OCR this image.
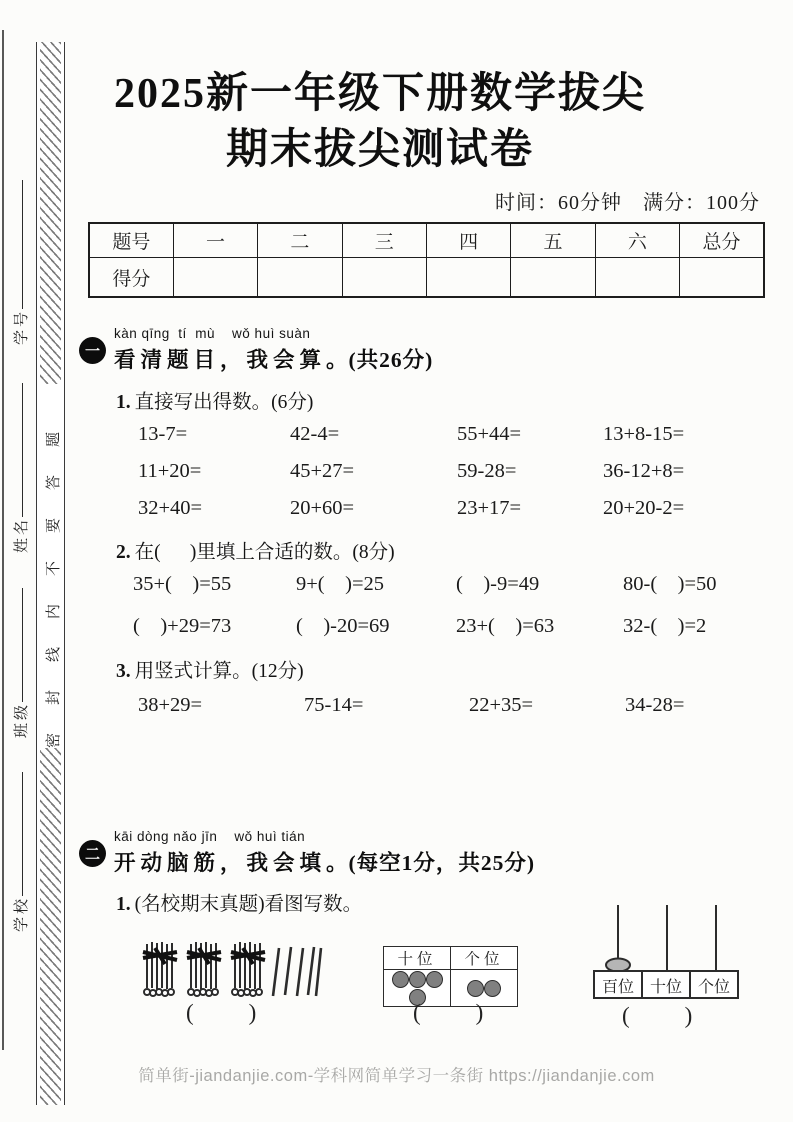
学号
姓名
班级
学校
密封线内不要答题
2025新一年级下册数学拔尖
期末拔尖测试卷
时间：60分钟　满分：100分
题号	一	二	三	四	五	六	总分
得分							
一
kàn qīng  tí  mù    wǒ huì suàn
看清题目，我会算。(共26分)
1. 直接写出得数。(6分)
13-7=	42-4=	55+44=	13+8-15=
11+20=	45+27=	59-28=	36-12+8=
32+40=	20+60=	23+17=	20+20-2=
2. 在(      )里填上合适的数。(8分)
35+(    )=55	9+(    )=25	(    )-9=49	80-(    )=50
(    )+29=73	(    )-20=69	23+(    )=63	32-(    )=2
3. 用竖式计算。(12分)
38+29=	75-14=	22+35=	34-28=
二
kāi dòng nǎo jīn    wǒ huì tián
开动脑筋，我会填。(每空1分，共25分)
1. (名校期末真题)看图写数。
(        )
十位	个位

(        )
百位 十位 个位
(        )
简单街-jiandanjie.com-学科网简单学习一条街 https://jiandanjie.com
